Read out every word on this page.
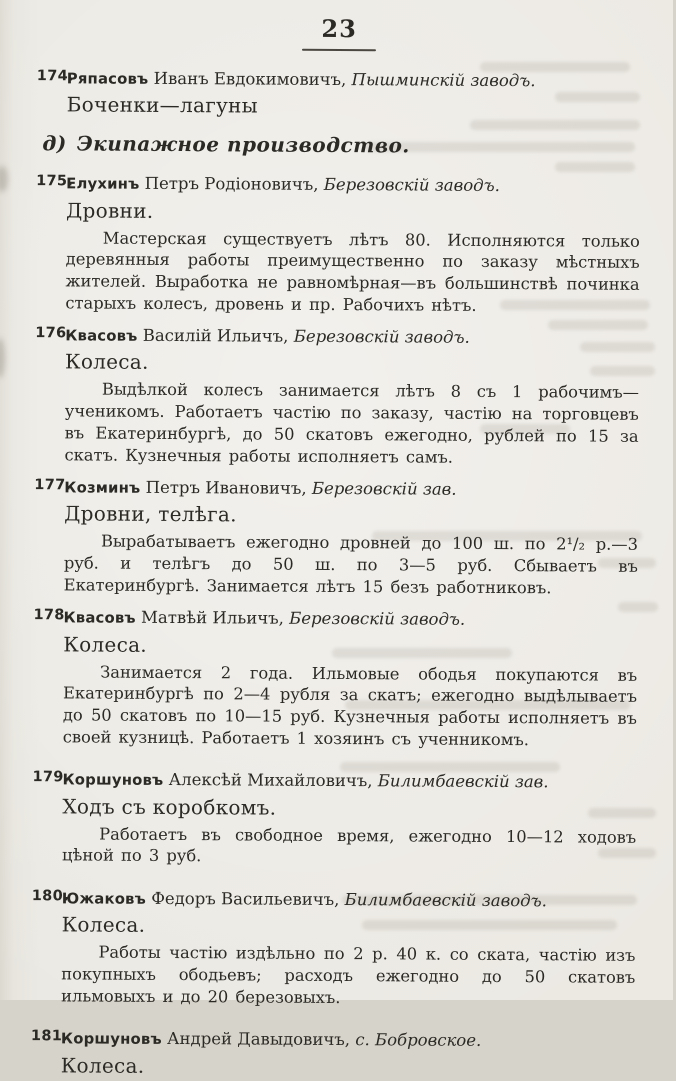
23
174.
Ряпасовъ Иванъ Евдокимовичъ, Пышминскій заводъ.
Боченки—лагуны
д) Экипажное производство.
175.
Елухинъ Петръ Родіоновичъ, Березовскій заводъ.
Дровни.

Мастерская существуетъ лѣтъ 80. Исполняются только деревянныя работы преимущественно по заказу мѣстныхъ жителей. Выработка не равномѣрная—въ большинствѣ починка старыхъ колесъ, дровень и пр. Рабочихъ нѣтъ.

176.
Квасовъ Василій Ильичъ, Березовскій заводъ.
Колеса.

Выдѣлкой колесъ занимается лѣтъ 8 съ 1 рабочимъ—ученикомъ. Работаетъ частію по заказу, частію на торговцевъ въ Екатеринбургѣ, до 50 скатовъ ежегодно, рублей по 15 за скатъ. Кузнечныя работы исполняетъ самъ.

177.
Козминъ Петръ Ивановичъ, Березовскій зав.
Дровни, телѣга.

Вырабатываетъ ежегодно дровней до 100 ш. по 2¹/₂ р.—3 руб. и телѣгъ до 50 ш. по 3—5 руб. Сбываетъ въ Екатеринбургѣ. Занимается лѣтъ 15 безъ работниковъ.

178.
Квасовъ Матвѣй Ильичъ, Березовскій заводъ.
Колеса.

Занимается 2 года. Ильмовые ободья покупаются въ Екатеринбургѣ по 2—4 рубля за скатъ; ежегодно выдѣлываетъ до 50 скатовъ по 10—15 руб. Кузнечныя работы исполняетъ въ своей кузницѣ. Работаетъ 1 хозяинъ съ ученникомъ.

179.
Коршуновъ Алексѣй Михайловичъ, Билимбаевскій зав.
Ходъ съ коробкомъ.

Работаетъ въ свободное время, ежегодно 10—12 ходовъ цѣной по 3 руб.

180.
Южаковъ Федоръ Васильевичъ, Билимбаевскій заводъ.
Колеса.

Работы частію издѣльно по 2 р. 40 к. со ската, частію изъ покупныхъ ободьевъ; расходъ ежегодно до 50 скатовъ ильмовыхъ и до 20 березовыхъ.

181.
Коршуновъ Андрей Давыдовичъ, с. Бобровское.
Колеса.
